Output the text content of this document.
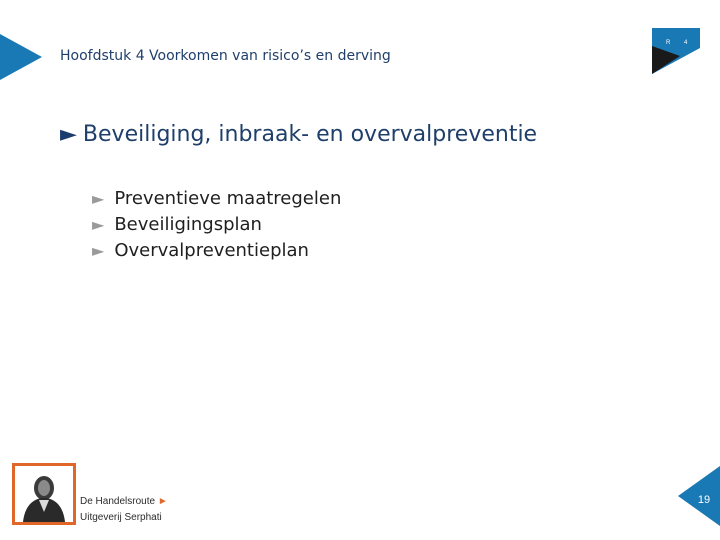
Hoofdstuk 4 Voorkomen van risico’s en derving
R 4
► Beveiliging, inbraak- en overvalpreventie
► Preventieve maatregelen
► Beveiligingsplan
► Overvalpreventieplan
De Handelsroute ►
Uitgeverij Serphati
19
